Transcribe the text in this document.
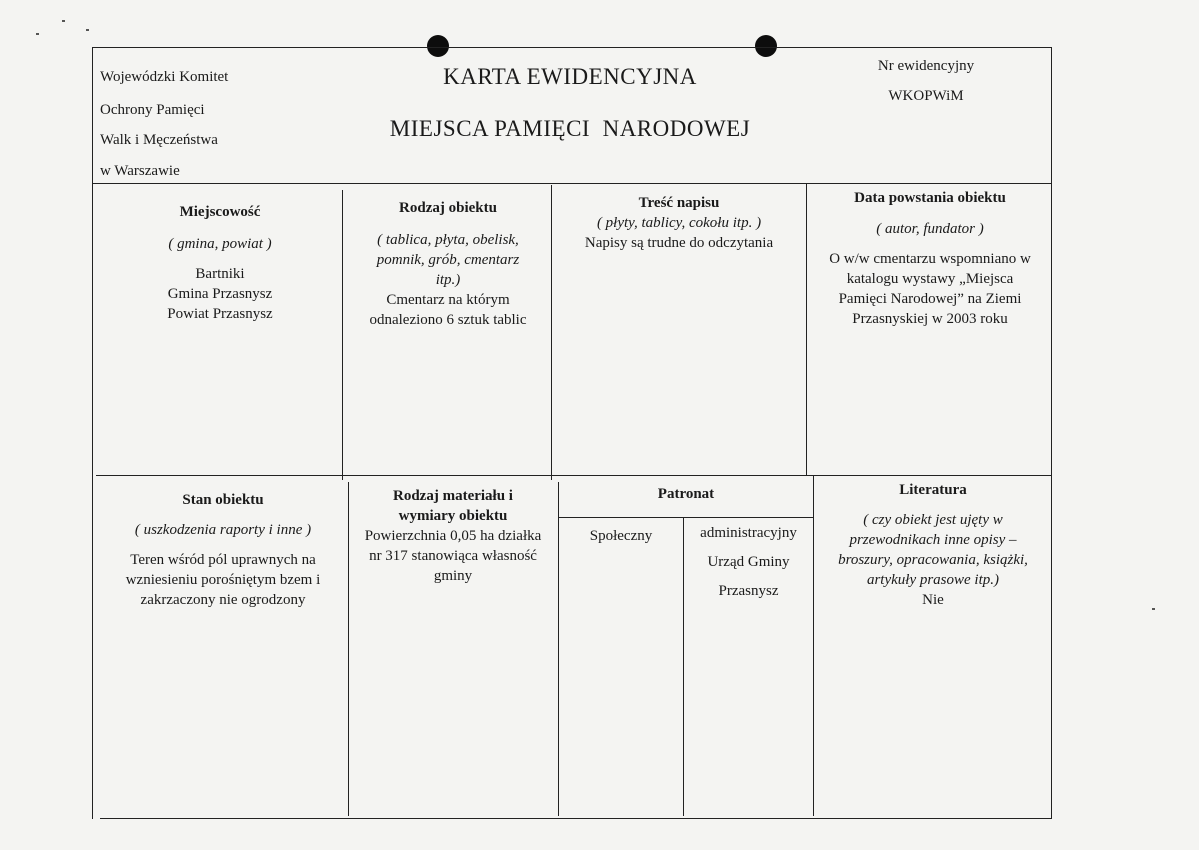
Wojewódzki Komitet
Ochrony Pamięci
Walk i Męczeństwa
w Warszawie
KARTA EWIDENCYJNA
MIEJSCA PAMIĘCI  NARODOWEJ
Nr ewidencyjny
WKOPWiM
Miejscowość
( gmina, powiat )
Bartniki
Gmina Przasnysz
Powiat Przasnysz
Rodzaj obiektu
( tablica, płyta, obelisk,
pomnik, grób, cmentarz
itp.)
Cmentarz na którym
odnaleziono 6 sztuk tablic
Treść napisu
( płyty, tablicy, cokołu itp. )
Napisy są trudne do odczytania
Data powstania obiektu
( autor, fundator )
O w/w cmentarzu wspomniano w
katalogu wystawy „Miejsca
Pamięci Narodowej” na Ziemi
Przasnyskiej w 2003 roku
Stan obiektu
( uszkodzenia raporty i inne )
Teren wśród pól uprawnych na
wzniesieniu porośniętym bzem i
zakrzaczony nie ogrodzony
Rodzaj materiału i
wymiary obiektu
Powierzchnia 0,05 ha działka
nr 317 stanowiąca własność
gminy
Patronat
Społeczny	administracyjny
Urząd Gminy
Przasnysz
Literatura
( czy obiekt jest ujęty w
przewodnikach inne opisy –
broszury, opracowania, książki,
artykuły prasowe itp.)
Nie
